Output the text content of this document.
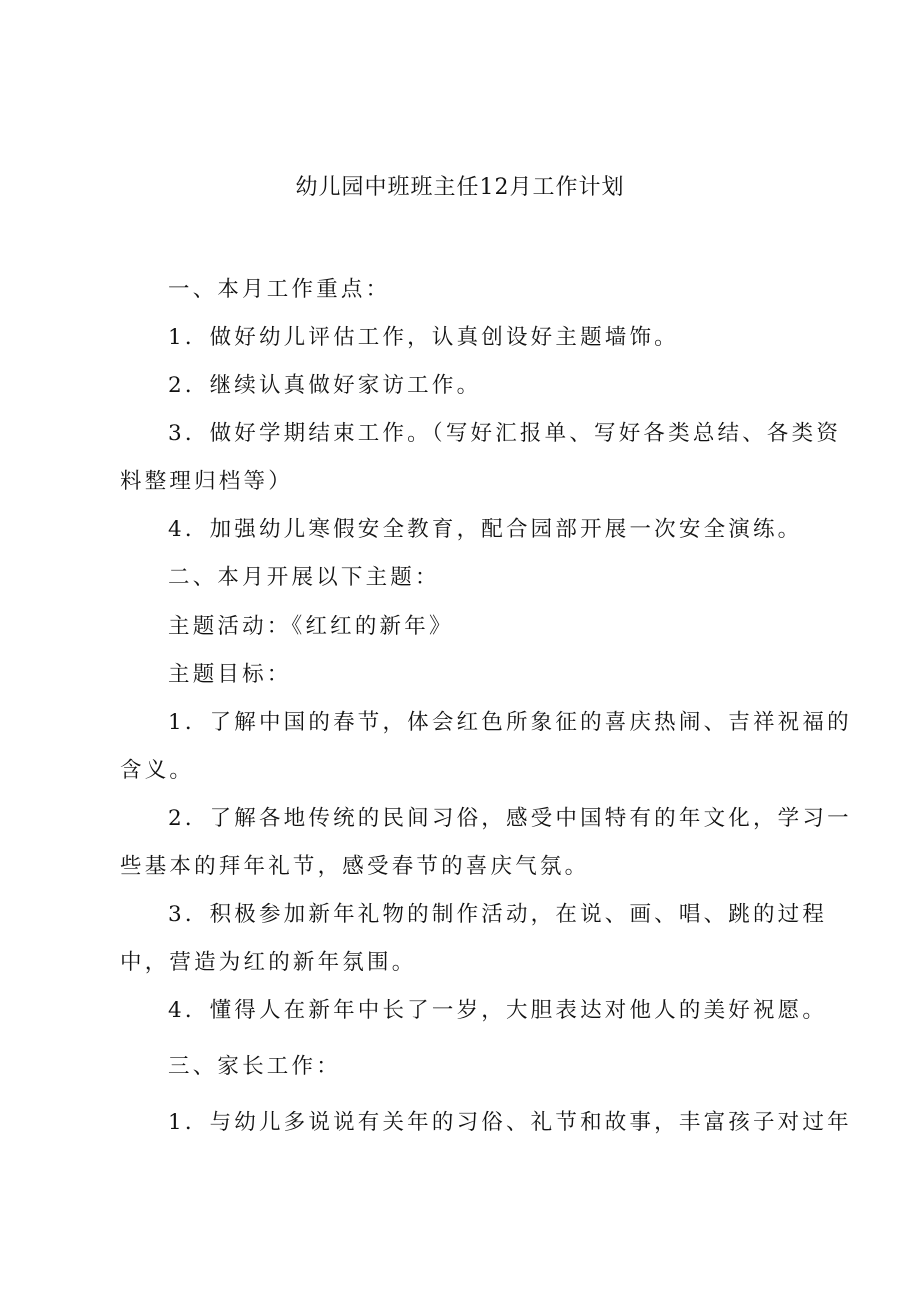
幼儿园中班班主任12月工作计划
一、本月工作重点：
1．做好幼儿评估工作，认真创设好主题墙饰。
2．继续认真做好家访工作。
3．做好学期结束工作。（写好汇报单、写好各类总结、各类资
料整理归档等）
4．加强幼儿寒假安全教育，配合园部开展一次安全演练。
二、本月开展以下主题：
主题活动：《红红的新年》
主题目标：
1．了解中国的春节，体会红色所象征的喜庆热闹、吉祥祝福的
含义。
2．了解各地传统的民间习俗，感受中国特有的年文化，学习一
些基本的拜年礼节，感受春节的喜庆气氛。
3．积极参加新年礼物的制作活动，在说、画、唱、跳的过程
中，营造为红的新年氛围。
4．懂得人在新年中长了一岁，大胆表达对他人的美好祝愿。
三、家长工作：
1．与幼儿多说说有关年的习俗、礼节和故事，丰富孩子对过年
